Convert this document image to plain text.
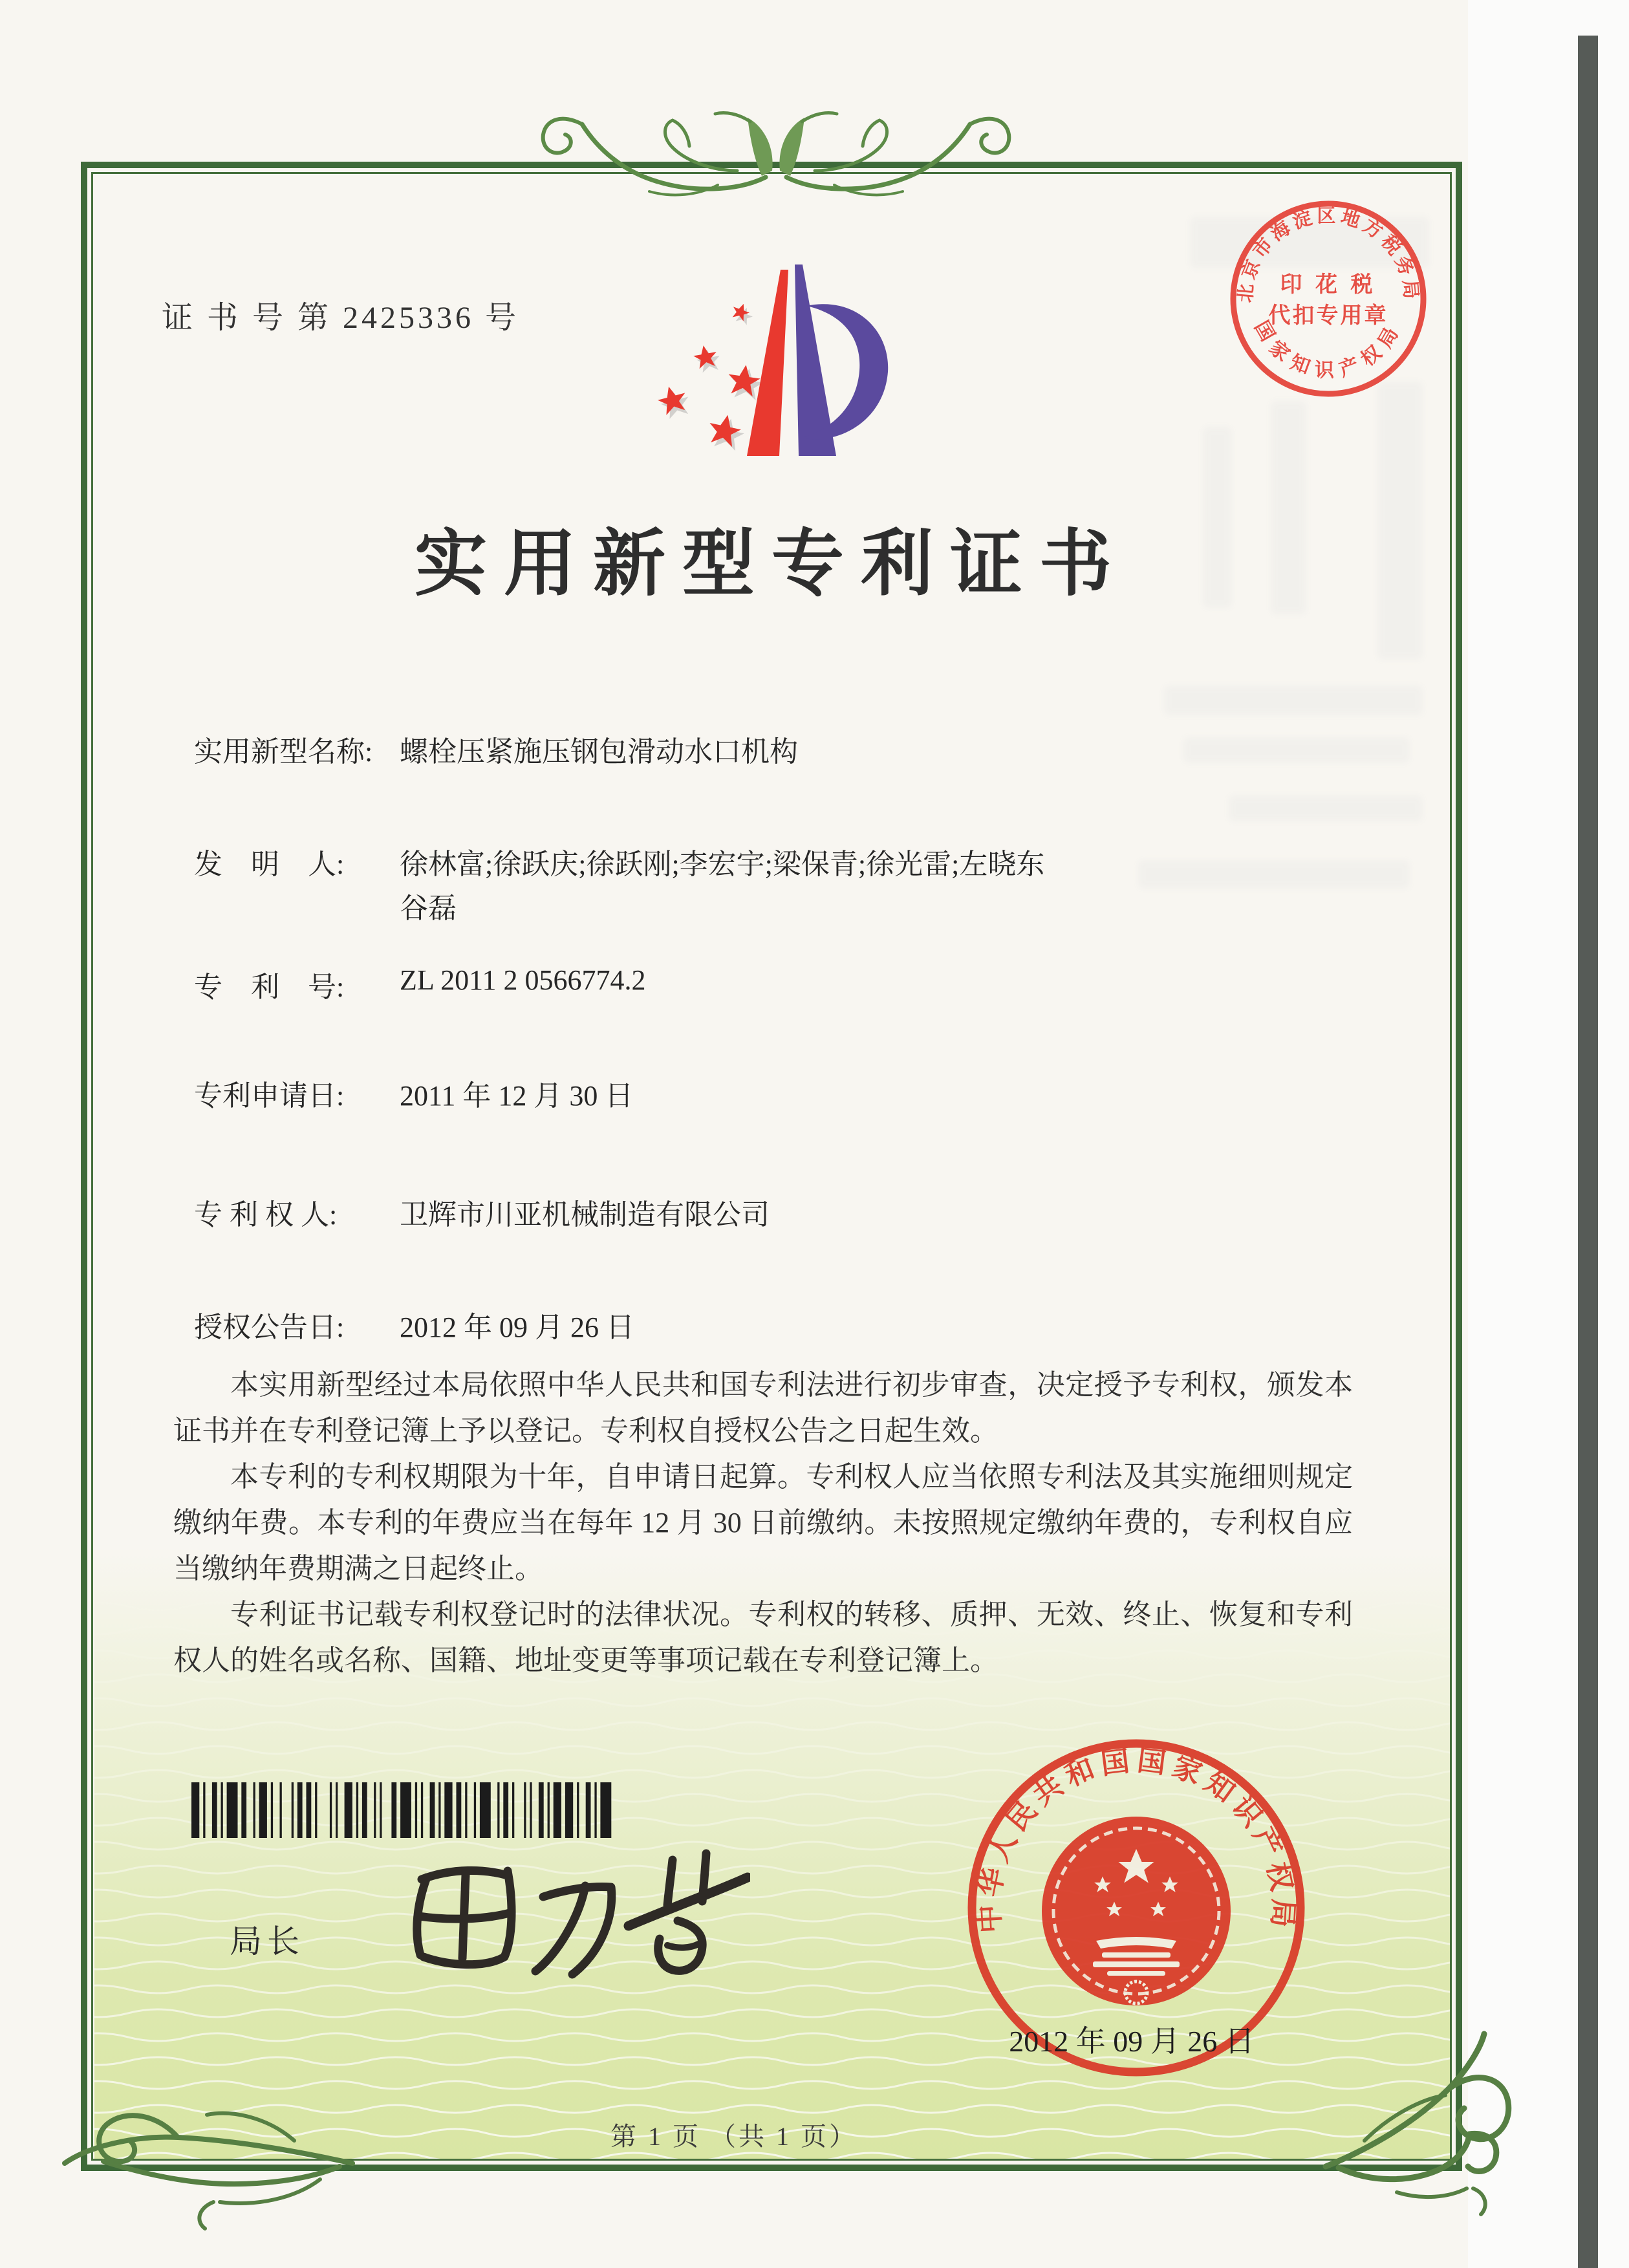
证 书 号 第 2425336 号
北京市海淀区地方税务局
印 花 税
代扣专用章
国家知识产权局
实用新型专利证书
实用新型名称: 螺栓压紧施压钢包滑动水口机构
发　明　人: 徐林富;徐跃庆;徐跃刚;李宏宇;梁保青;徐光雷;左晓东
谷磊
专　利　号: ZL 2011 2 0566774.2
专利申请日: 2011 年 12 月 30 日
专 利 权 人: 卫辉市川亚机械制造有限公司
授权公告日: 2012 年 09 月 26 日

本实用新型经过本局依照中华人民共和国专利法进行初步审查，决定授予专利权，颁发本证书并在专利登记簿上予以登记。专利权自授权公告之日起生效。

本专利的专利权期限为十年，自申请日起算。专利权人应当依照专利法及其实施细则规定缴纳年费。本专利的年费应当在每年 12 月 30 日前缴纳。未按照规定缴纳年费的，专利权自应当缴纳年费期满之日起终止。

专利证书记载专利权登记时的法律状况。专利权的转移、质押、无效、终止、恢复和专利权人的姓名或名称、国籍、地址变更等事项记载在专利登记簿上。

局长
中华人民共和国国家知识产权局
2012 年 09 月 26 日
第 1 页 （共 1 页）
